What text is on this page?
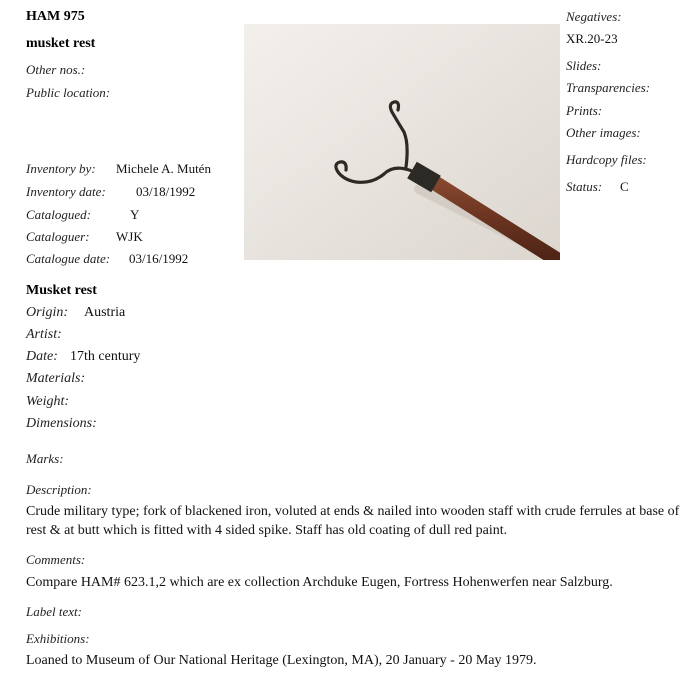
HAM 975
musket rest
Other nos.:
Public location:
Inventory by: Michele A. Mutén
Inventory date: 03/18/1992
Catalogued:	Y
Cataloguer: WJK
Catalogue date: 03/16/1992
Negatives:
XR.20-23
Slides:
Transparencies:
Prints:
Other images:
Hardcopy files:
Status: C
Musket rest
Origin: Austria
Artist:
Date: 17th century
Materials:
Weight:
Dimensions:
Marks:
Description:
Crude military type; fork of blackened iron, voluted at ends & nailed into wooden staff with crude ferrules at base of rest & at butt which is fitted with 4 sided spike. Staff has old coating of dull red paint.
Comments:
Compare HAM# 623.1,2 which are ex collection Archduke Eugen, Fortress Hohenwerfen near Salzburg.
Label text:
Exhibitions:
Loaned to Museum of Our National Heritage (Lexington, MA), 20 January - 20 May 1979.
